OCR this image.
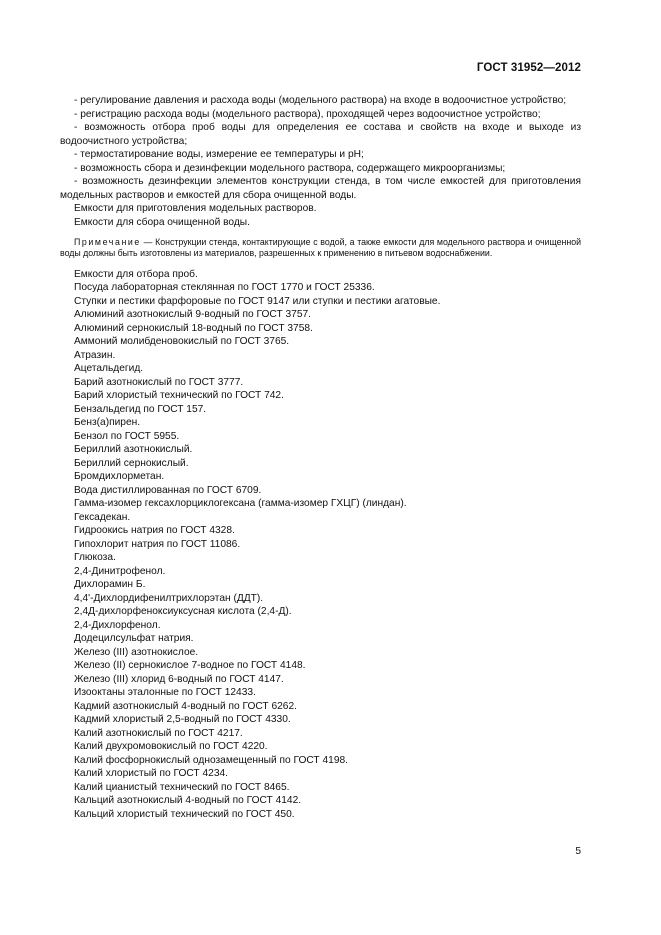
ГОСТ 31952—2012

- регулирование давления и расхода воды (модельного раствора) на входе в водоочистное устройство;

- регистрацию расхода воды (модельного раствора), проходящей через водоочистное устройство;

- возможность отбора проб воды для определения ее состава и свойств на входе и выходе из водоочистного устройства;

- термостатирование воды, измерение ее температуры и рН;

- возможность сбора и дезинфекции модельного раствора, содержащего микроорганизмы;

- возможность дезинфекции элементов конструкции стенда, в том числе емкостей для приготовления модельных растворов и емкостей для сбора очищенной воды.

Емкости для приготовления модельных растворов.

Емкости для сбора очищенной воды.

Примечание — Конструкции стенда, контактирующие с водой, а также емкости для модельного раствора и очищенной воды должны быть изготовлены из материалов, разрешенных к применению в питьевом водоснабжении.

Емкости для отбора проб.
Посуда лабораторная стеклянная по ГОСТ 1770 и ГОСТ 25336.
Ступки и пестики фарфоровые по ГОСТ 9147 или ступки и пестики агатовые.
Алюминий азотнокислый 9-водный по ГОСТ 3757.
Алюминий сернокислый 18-водный по ГОСТ 3758.
Аммоний молибденовокислый по ГОСТ 3765.
Атразин.
Ацетальдегид.
Барий азотнокислый по ГОСТ 3777.
Барий хлористый технический по ГОСТ 742.
Бензальдегид по ГОСТ 157.
Бенз(а)пирен.
Бензол по ГОСТ 5955.
Бериллий азотнокислый.
Бериллий сернокислый.
Бромдихлорметан.
Вода дистиллированная по ГОСТ 6709.
Гамма-изомер гексахлорциклогексана (гамма-изомер ГХЦГ) (линдан).
Гексадекан.
Гидроокись натрия по ГОСТ 4328.
Гипохлорит натрия по ГОСТ 11086.
Глюкоза.
2,4-Динитрофенол.
Дихлорамин Б.
4,4'-Дихлордифенилтрихлорэтан (ДДТ).
2,4Д-дихлорфеноксиуксусная кислота (2,4-Д).
2,4-Дихлорфенол.
Додецилсульфат натрия.
Железо (III) азотнокислое.
Железо (II) сернокислое 7-водное по ГОСТ 4148.
Железо (III) хлорид 6-водный по ГОСТ 4147.
Изооктаны эталонные по ГОСТ 12433.
Кадмий азотнокислый 4-водный по ГОСТ 6262.
Кадмий хлористый 2,5-водный по ГОСТ 4330.
Калий азотнокислый по ГОСТ 4217.
Калий двухромовокислый по ГОСТ 4220.
Калий фосфорнокислый однозамещенный по ГОСТ 4198.
Калий хлористый по ГОСТ 4234.
Калий цианистый технический по ГОСТ 8465.
Кальций азотнокислый 4-водный по ГОСТ 4142.
Кальций хлористый технический по ГОСТ 450.
5
